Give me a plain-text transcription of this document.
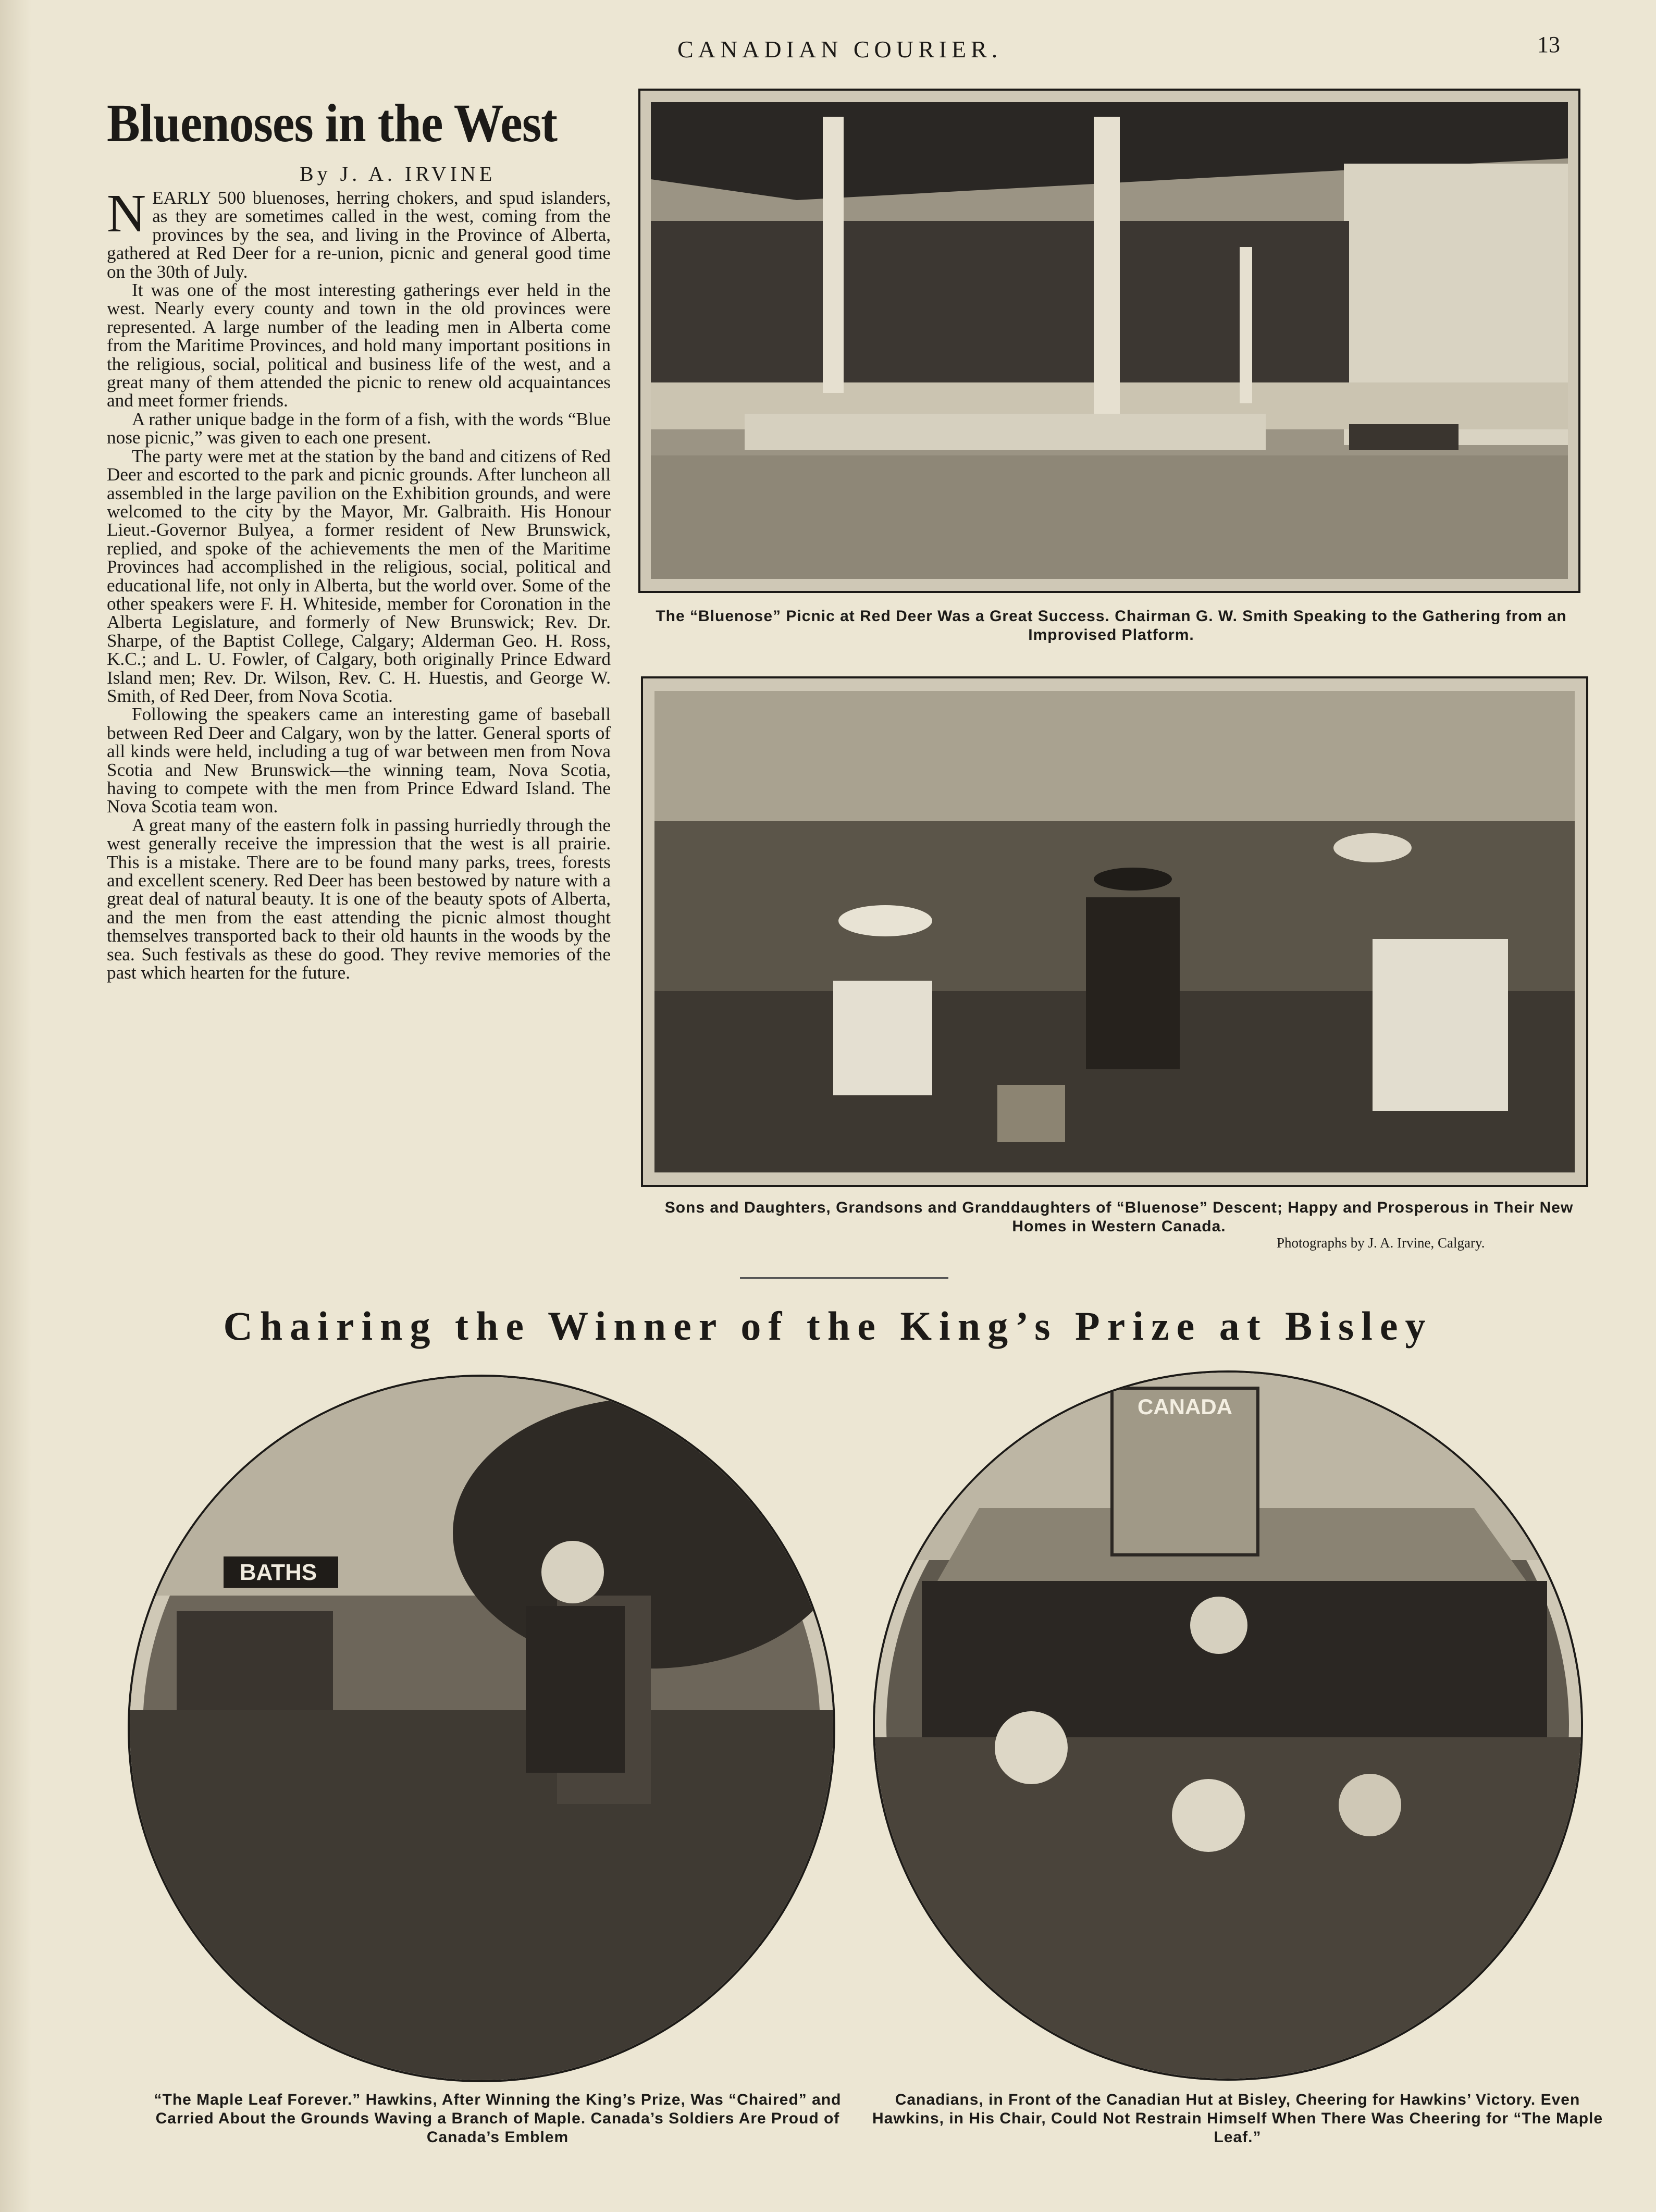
CANADIAN COURIER.	13
Bluenoses in the West
By J. A. IRVINE

NEARLY 500 bluenoses, herring chokers, and spud islanders, as they are sometimes called in the west, coming from the provinces by the sea, and living in the Province of Alberta, gathered at Red Deer for a re-union, picnic and general good time on the 30th of July.

It was one of the most interesting gatherings ever held in the west. Nearly every county and town in the old provinces were represented. A large number of the leading men in Alberta come from the Maritime Provinces, and hold many important positions in the religious, social, political and business life of the west, and a great many of them attended the picnic to renew old acquaintances and meet former friends.

A rather unique badge in the form of a fish, with the words “Blue nose picnic,” was given to each one present.

The party were met at the station by the band and citizens of Red Deer and escorted to the park and picnic grounds. After luncheon all assembled in the large pavilion on the Exhibition grounds, and were welcomed to the city by the Mayor, Mr. Galbraith. His Honour Lieut.-Governor Bulyea, a former resident of New Brunswick, replied, and spoke of the achievements the men of the Maritime Provinces had accomplished in the religious, social, political and educational life, not only in Alberta, but the world over. Some of the other speakers were F. H. Whiteside, member for Coronation in the Alberta Legislature, and formerly of New Brunswick; Rev. Dr. Sharpe, of the Baptist College, Calgary; Alderman Geo. H. Ross, K.C.; and L. U. Fowler, of Calgary, both originally Prince Edward Island men; Rev. Dr. Wilson, Rev. C. H. Huestis, and George W. Smith, of Red Deer, from Nova Scotia.

Following the speakers came an interesting game of baseball between Red Deer and Calgary, won by the latter. General sports of all kinds were held, including a tug of war between men from Nova Scotia and New Brunswick—the winning team, Nova Scotia, having to compete with the men from Prince Edward Island. The Nova Scotia team won.

A great many of the eastern folk in passing hurriedly through the west generally receive the impression that the west is all prairie. This is a mistake. There are to be found many parks, trees, forests and excellent scenery. Red Deer has been bestowed by nature with a great deal of natural beauty. It is one of the beauty spots of Alberta, and the men from the east attending the picnic almost thought themselves transported back to their old haunts in the woods by the sea. Such festivals as these do good. They revive memories of the past which hearten for the future.

The “Bluenose” Picnic at Red Deer Was a Great Success. Chairman G. W. Smith Speaking to the Gathering from an Improvised Platform.
Sons and Daughters, Grandsons and Granddaughters of “Bluenose” Descent; Happy and Prosperous in Their New Homes in Western Canada.
Photographs by J. A. Irvine, Calgary.
Chairing the Winner of the King’s Prize at Bisley
BATHS
“The Maple Leaf Forever.” Hawkins, After Winning the King’s Prize, Was “Chaired” and Carried About the Grounds Waving a Branch of Maple. Canada’s Soldiers Are Proud of Canada’s Emblem
CANADA
Canadians, in Front of the Canadian Hut at Bisley, Cheering for Hawkins’ Victory. Even Hawkins, in His Chair, Could Not Restrain Himself When There Was Cheering for “The Maple Leaf.”
